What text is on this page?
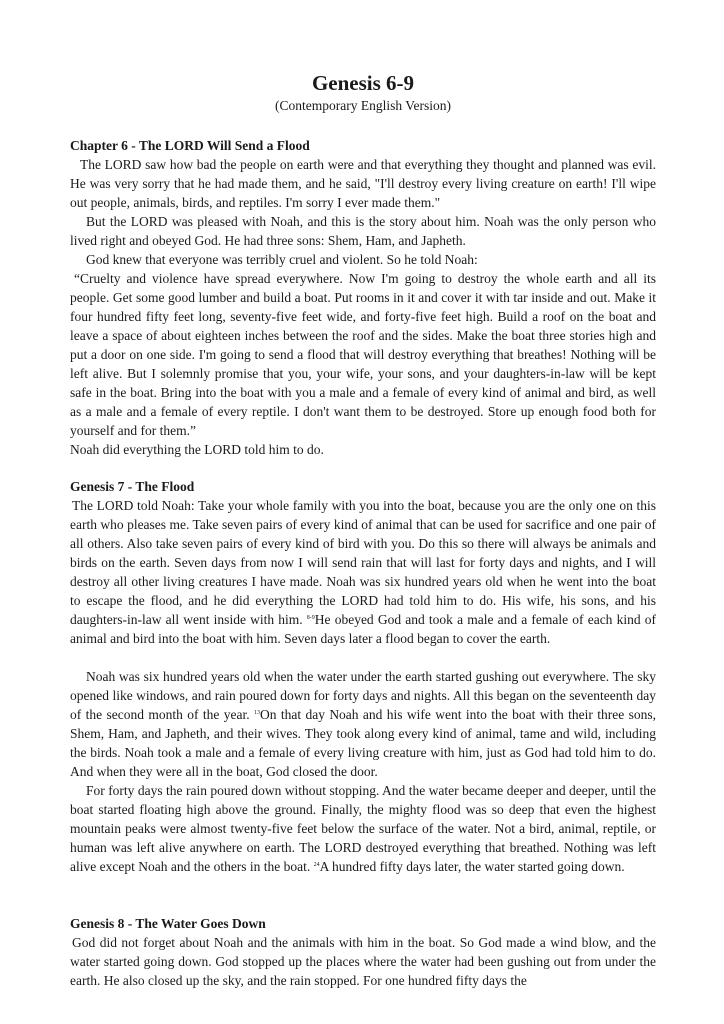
Genesis 6-9
(Contemporary English Version)
Chapter 6 - The LORD Will Send a Flood

The LORD saw how bad the people on earth were and that everything they thought and planned was evil. He was very sorry that he had made them, and he said, "I'll destroy every living creature on earth! I'll wipe out people, animals, birds, and reptiles. I'm sorry I ever made them."

But the LORD was pleased with Noah, and this is the story about him. Noah was the only person who lived right and obeyed God. He had three sons: Shem, Ham, and Japheth.

God knew that everyone was terribly cruel and violent. So he told Noah:

“Cruelty and violence have spread everywhere. Now I'm going to destroy the whole earth and all its people. Get some good lumber and build a boat. Put rooms in it and cover it with tar inside and out. Make it four hundred fifty feet long, seventy-five feet wide, and forty-five feet high. Build a roof on the boat and leave a space of about eighteen inches between the roof and the sides. Make the boat three stories high and put a door on one side. I'm going to send a flood that will destroy everything that breathes! Nothing will be left alive. But I solemnly promise that you, your wife, your sons, and your daughters-in-law will be kept safe in the boat. Bring into the boat with you a male and a female of every kind of animal and bird, as well as a male and a female of every reptile. I don't want them to be destroyed. Store up enough food both for yourself and for them.”

Noah did everything the LORD told him to do.

Genesis 7 - The Flood

The LORD told Noah: Take your whole family with you into the boat, because you are the only one on this earth who pleases me. Take seven pairs of every kind of animal that can be used for sacrifice and one pair of all others. Also take seven pairs of every kind of bird with you. Do this so there will always be animals and birds on the earth. Seven days from now I will send rain that will last for forty days and nights, and I will destroy all other living creatures I have made. Noah was six hundred years old when he went into the boat to escape the flood, and he did everything the LORD had told him to do. His wife, his sons, and his daughters-in-law all went inside with him. $^{8-9}$He obeyed God and took a male and a female of each kind of animal and bird into the boat with him. Seven days later a flood began to cover the earth.

Noah was six hundred years old when the water under the earth started gushing out everywhere. The sky opened like windows, and rain poured down for forty days and nights. All this began on the seventeenth day of the second month of the year. $^{13}$On that day Noah and his wife went into the boat with their three sons, Shem, Ham, and Japheth, and their wives. They took along every kind of animal, tame and wild, including the birds. Noah took a male and a female of every living creature with him, just as God had told him to do. And when they were all in the boat, God closed the door.

For forty days the rain poured down without stopping. And the water became deeper and deeper, until the boat started floating high above the ground. Finally, the mighty flood was so deep that even the highest mountain peaks were almost twenty-five feet below the surface of the water. Not a bird, animal, reptile, or human was left alive anywhere on earth. The LORD destroyed everything that breathed. Nothing was left alive except Noah and the others in the boat. $^{24}$A hundred fifty days later, the water started going down.

Genesis 8 - The Water Goes Down

God did not forget about Noah and the animals with him in the boat. So God made a wind blow, and the water started going down. God stopped up the places where the water had been gushing out from under the earth. He also closed up the sky, and the rain stopped. For one hundred fifty days the
